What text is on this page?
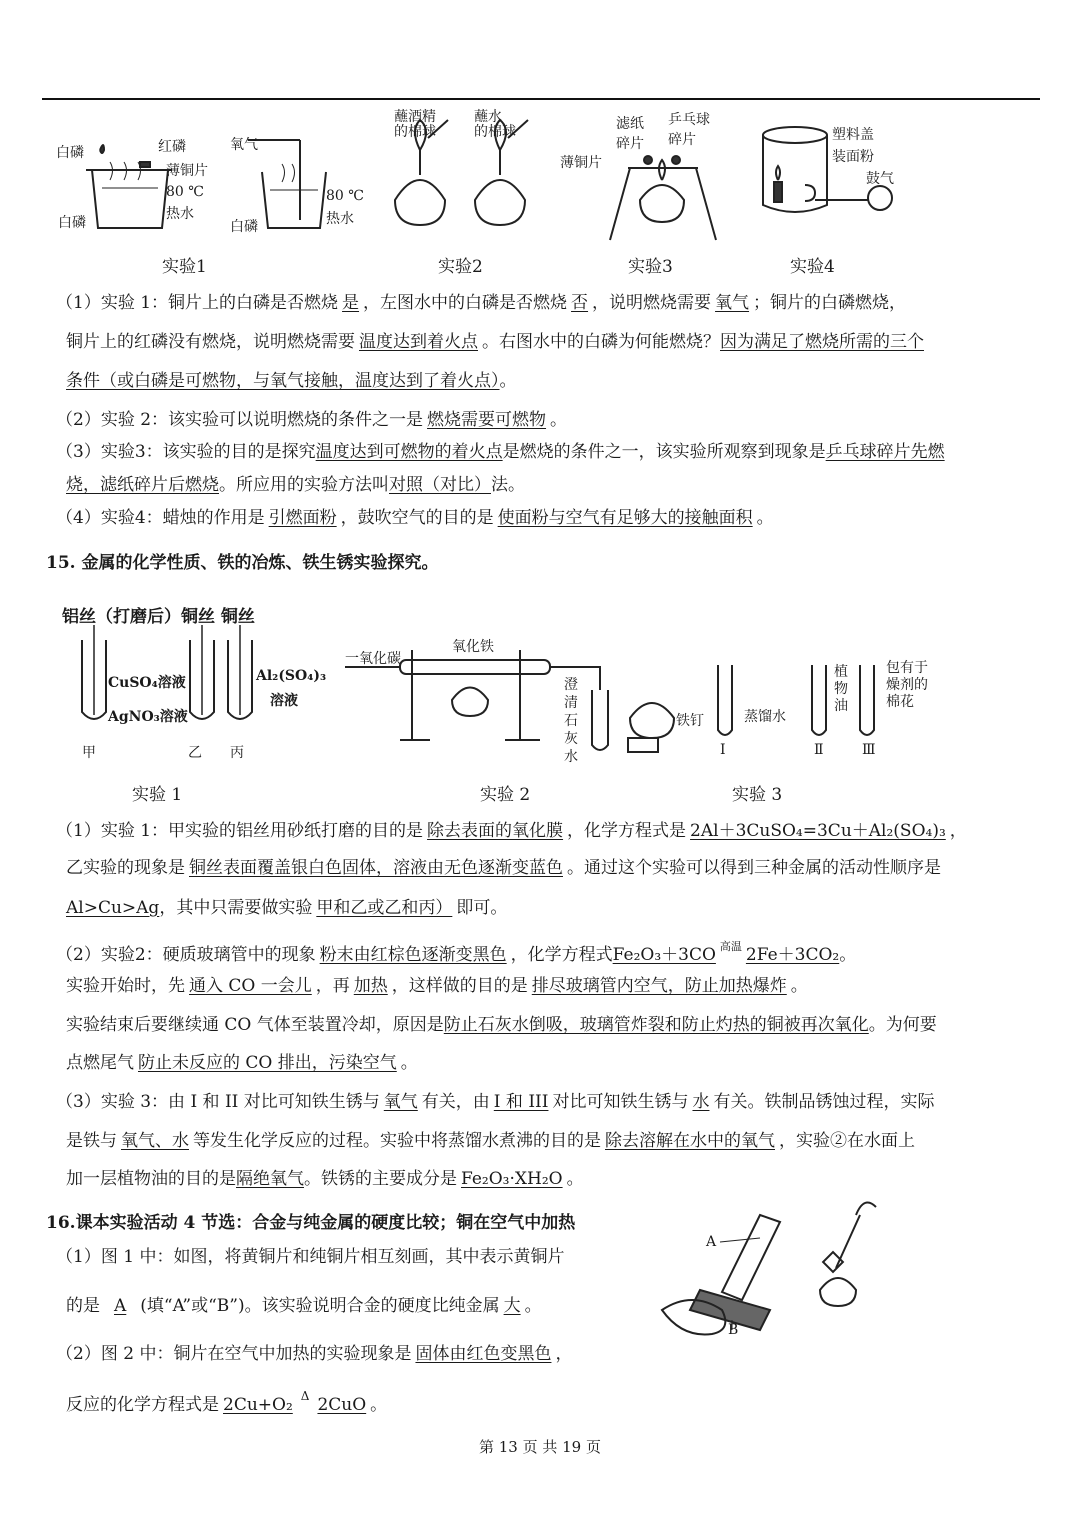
白磷	红磷
薄铜片
80 ℃
热水
白磷
氧气
80 ℃
热水
白磷
蘸酒精
的棉球
蘸水
的棉球	滤纸
碎片
乒乓球
碎片
薄铜片
塑料盖
装面粉
鼓气
实验1	实验2	实验3	实验4
（1）实验 1：铜片上的白磷是否燃烧 是 ，左图水中的白磷是否燃烧 否 ，说明燃烧需要 氧气 ；铜片的白磷燃烧，
铜片上的红磷没有燃烧，说明燃烧需要 温度达到着火点 。右图水中的白磷为何能燃烧？因为满足了燃烧所需的三个
条件（或白磷是可燃物，与氧气接触，温度达到了着火点）。
（2）实验 2：该实验可以说明燃烧的条件之一是 燃烧需要可燃物 。
（3）实验3：该实验的目的是探究温度达到可燃物的着火点是燃烧的条件之一，该实验所观察到现象是乒乓球碎片先燃
烧，滤纸碎片后燃烧。所应用的实验方法叫对照（对比）法。
（4）实验4：蜡烛的作用是 引燃面粉 ，鼓吹空气的目的是 使面粉与空气有足够大的接触面积 。
15. 金属的化学性质、铁的冶炼、铁生锈实验探究。
铝丝（打磨后）铜丝 铜丝
CuSO₄溶液
AgNO₃溶液
Al₂(SO₄)₃
溶液
甲	乙 丙
一氧化碳
氧化铁
澄
清
石
灰
水
铁钉	蒸馏水
植
物
油
包有于
燥剂的
棉花
Ⅰ	Ⅱ	Ⅲ
实验 1	实验 2	实验 3
（1）实验 1：甲实验的铝丝用砂纸打磨的目的是 除去表面的氧化膜 ，化学方程式是 2Al＋3CuSO₄=3Cu＋Al₂(SO₄)₃ ，
乙实验的现象是 铜丝表面覆盖银白色固体，溶液由无色逐渐变蓝色 。通过这个实验可以得到三种金属的活动性顺序是
Al>Cu>Ag，其中只需要做实验 甲和乙或乙和丙） 即可。
（2）实验2：硬质玻璃管中的现象 粉末由红棕色逐渐变黑色 ，化学方程式Fe₂O₃＋3CO $^{高温}$ 2Fe＋3CO₂。
实验开始时，先 通入 CO 一会儿 ，再 加热 ，这样做的目的是 排尽玻璃管内空气，防止加热爆炸 。
实验结束后要继续通 CO 气体至装置冷却，原因是防止石灰水倒吸，玻璃管炸裂和防止灼热的铜被再次氧化。为何要
点燃尾气 防止未反应的 CO 排出，污染空气 。
（3）实验 3：由 I 和 II 对比可知铁生锈与 氧气 有关，由 I 和 III 对比可知铁生锈与 水 有关。铁制品锈蚀过程，实际
是铁与 氧气、水 等发生化学反应的过程。实验中将蒸馏水煮沸的目的是 除去溶解在水中的氧气 ，实验②在水面上
加一层植物油的目的是隔绝氧气。铁锈的主要成分是 Fe₂O₃·XH₂O 。
16.课本实验活动 4 节选：合金与纯金属的硬度比较；铜在空气中加热
A
B
（1）图 1 中：如图，将黄铜片和纯铜片相互刻画，其中表示黄铜片
的是 A (填“A”或“B”)。该实验说明合金的硬度比纯金属 大 。
（2）图 2 中：铜片在空气中加热的实验现象是 固体由红色变黑色 ，
反应的化学方程式是 2Cu+O₂ $^\Delta$ 2CuO 。
第 13 页 共 19 页
